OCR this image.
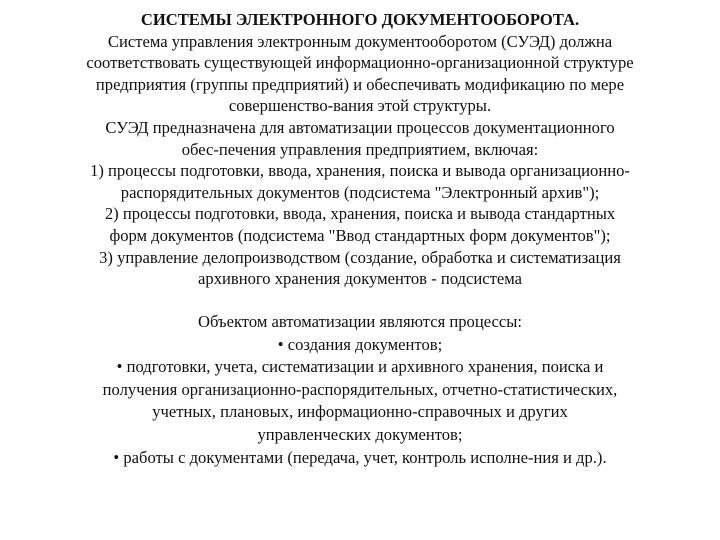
СИСТЕМЫ ЭЛЕКТРОННОГО ДОКУМЕНТООБОРОТА.
Система управления электронным документооборотом (СУЭД) должна
соответствовать существующей информационно-организационной структуре
предприятия (группы предприятий) и обеспечивать модификацию по мере
совершенство-вания этой структуры.
СУЭД предназначена для автоматизации процессов документационного
обес-печения управления предприятием, включая:
1) процессы подготовки, ввода, хранения, поиска и вывода организационно-
распорядительных документов (подсистема "Электронный архив");
2) процессы подготовки, ввода, хранения, поиска и вывода стандартных
форм документов (подсистема "Ввод стандартных форм документов");
3) управление делопроизводством (создание, обработка и систематизация
архивного хранения документов - подсистема
Объектом автоматизации являются процессы:
• создания документов;
• подготовки, учета, систематизации и архивного хранения, поиска и
получения организационно-распорядительных, отчетно-статистических,
учетных, плановых, информационно-справочных и других
управленческих документов;
• работы с документами (передача, учет, контроль исполне-ния и др.).
